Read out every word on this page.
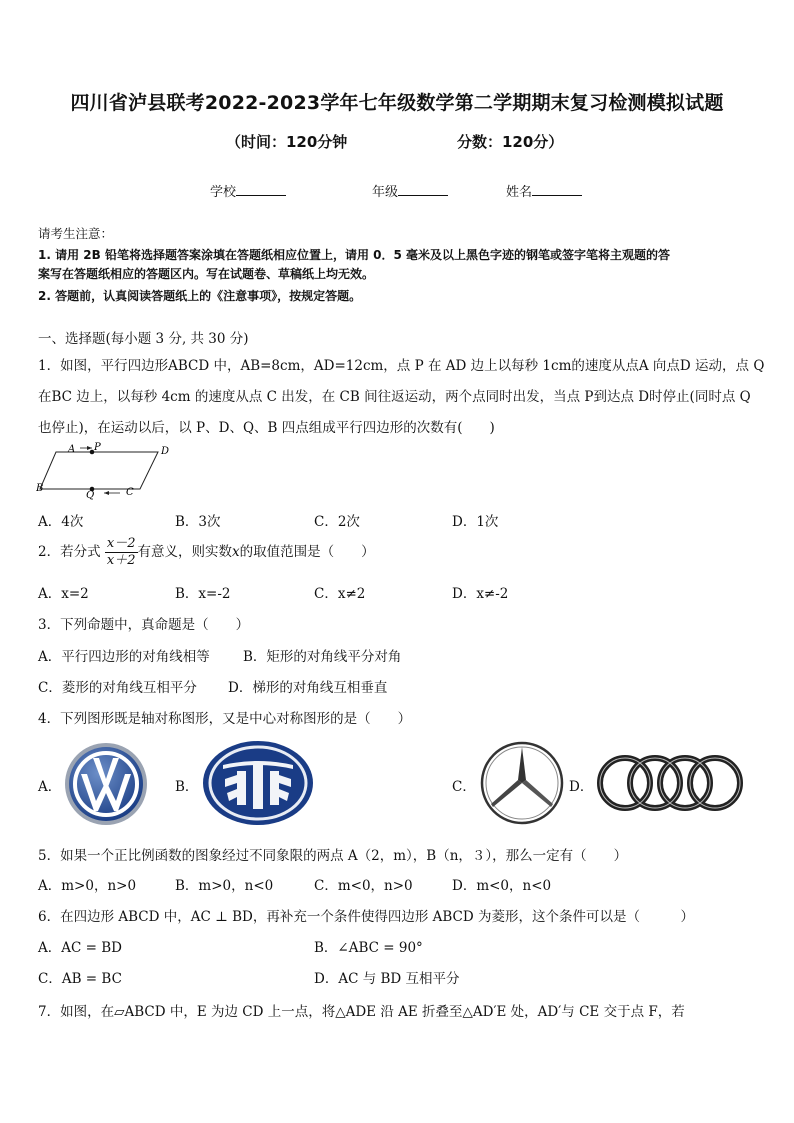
四川省泸县联考2022-2023学年七年级数学第二学期期末复习检测模拟试题
（时间：120分钟	分数：120分）
学校	年级	姓名
请考生注意：
1. 请用 2B 铅笔将选择题答案涂填在答题纸相应位置上，请用 0．5 毫米及以上黑色字迹的钢笔或签字笔将主观题的答
案写在答题纸相应的答题区内。写在试题卷、草稿纸上均无效。
2. 答题前，认真阅读答题纸上的《注意事项》，按规定答题。
一、选择题(每小题 3 分, 共 30 分)
1．如图，平行四边形ABCD 中，AB=8cm，AD=12cm，点 P 在 AD 边上以每秒 1cm的速度从点A 向点D 运动，点 Q
在BC 边上，以每秒 4cm 的速度从点 C 出发，在 CB 间往返运动，两个点同时出发，当点 P到达点 D时停止(同时点 Q
也停止)，在运动以后，以 P、D、Q、B 四点组成平行四边形的次数有(　　)
A P	D
B
Q	C
A．4次	B．3次	C．2次	D．1次
2．若分式 $\frac{x-2}{x+2}$ 有意义，则实数x的取值范围是（　　）
A．x=2	B．x=-2	C．x≠2	D．x≠-2
3．下列命题中，真命题是（　　）
A．平行四边形的对角线相等 B．矩形的对角线平分对角
C．菱形的对角线互相平分 D．梯形的对角线互相垂直
4．下列图形既是轴对称图形，又是中心对称图形的是（　　）
A．	B．	C．	D．
5．如果一个正比例函数的图象经过不同象限的两点 A（2，m），B（n，３），那么一定有（　　）
A．m>0，n>0	B．m>0，n<0	C．m<0，n>0	D．m<0，n<0
6．在四边形 ABCD 中，AC ⊥ BD，再补充一个条件使得四边形 ABCD 为菱形，这个条件可以是（　　　）
A．AC = BD	B．∠ABC = 90°
C．AB = BC	D．AC 与 BD 互相平分
7．如图，在▱ABCD 中，E 为边 CD 上一点，将△ADE 沿 AE 折叠至△AD′E 处，AD′与 CE 交于点 F，若
